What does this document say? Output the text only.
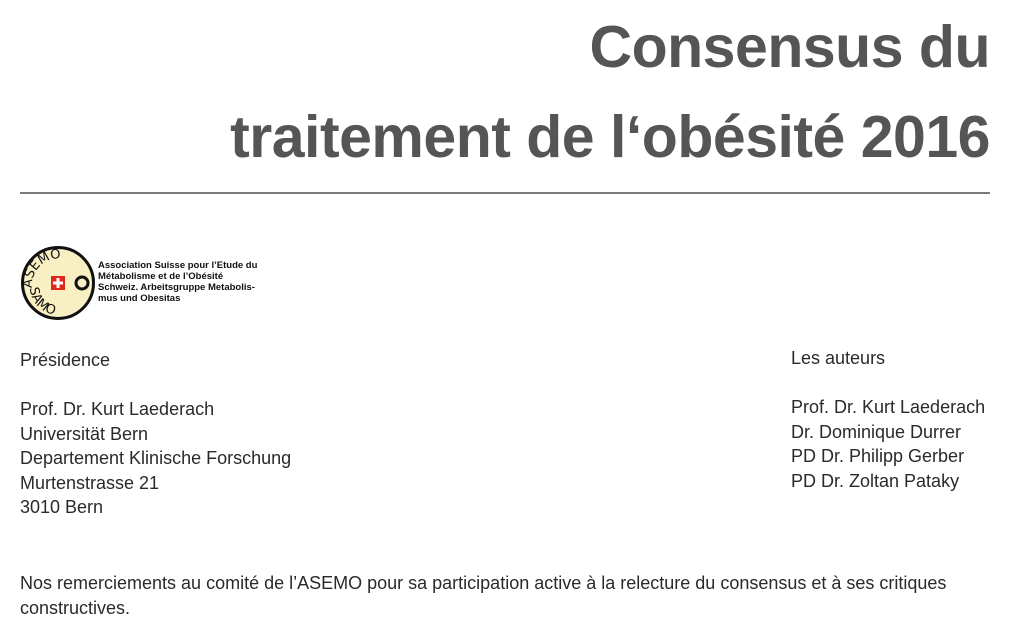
Consensus du
traitement de l‘obésité 2016
ASEMO
SAMO
Association Suisse pour l’Etude du
Métabolisme et de l’Obésité
Schweiz. Arbeitsgruppe Metabolis-
mus und Obesitas
Présidence
Prof. Dr. Kurt Laederach
Universität Bern
Departement Klinische Forschung
Murtenstrasse 21
3010 Bern
Les auteurs
Prof. Dr. Kurt Laederach
Dr. Dominique Durrer
PD Dr. Philipp Gerber
PD Dr. Zoltan Pataky
Nos remerciements au comité de l’ASEMO pour sa participation active à la relecture du consensus et à ses critiques constructives.
